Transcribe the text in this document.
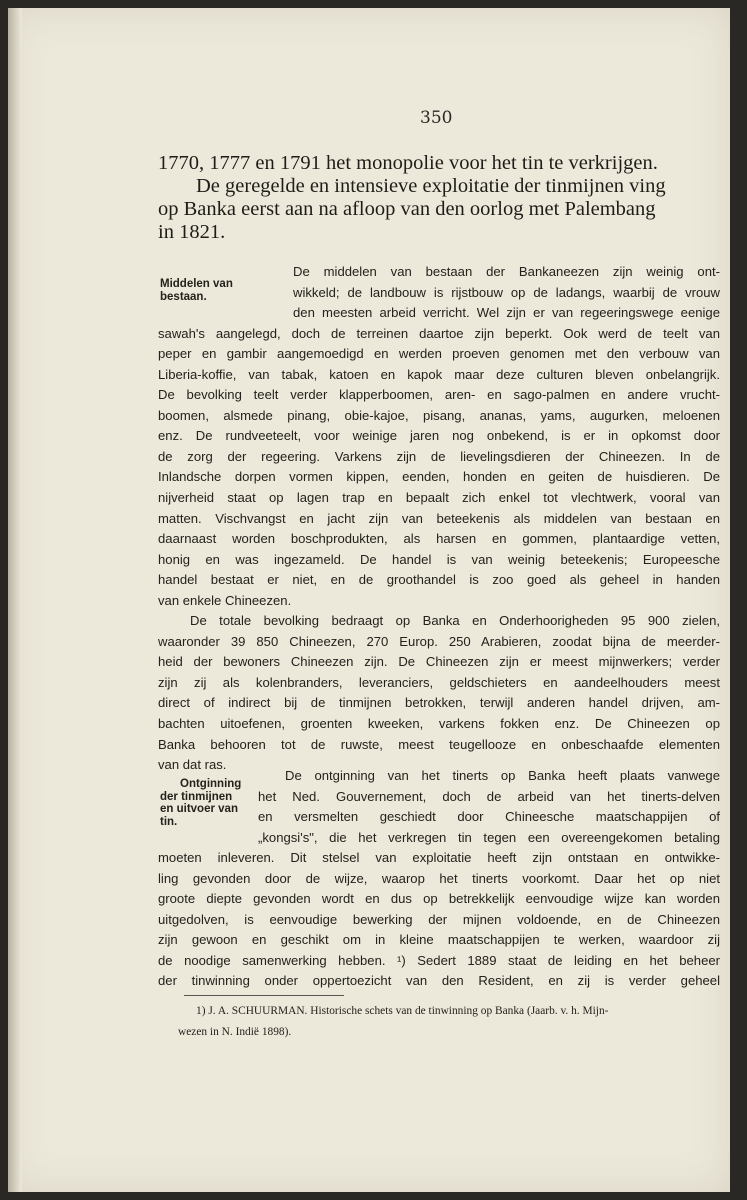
350
1770, 1777 en 1791 het monopolie voor het tin te verkrijgen.
De geregelde en intensieve exploitatie der tinmijnen ving
op Banka eerst aan na afloop van den oorlog met Palembang
in 1821.
Middelen van
bestaan.
De middelen van bestaan der Bankaneezen zijn weinig ont-
wikkeld; de landbouw is rijstbouw op de ladangs, waarbij de vrouw
den meesten arbeid verricht. Wel zijn er van regeeringswege eenige
sawah's aangelegd, doch de terreinen daartoe zijn beperkt. Ook werd de teelt van
peper en gambir aangemoedigd en werden proeven genomen met den verbouw van
Liberia-koffie, van tabak, katoen en kapok maar deze culturen bleven onbelangrijk.
De bevolking teelt verder klapperboomen, aren- en sago-palmen en andere vrucht-
boomen, alsmede pinang, obie-kajoe, pisang, ananas, yams, augurken, meloenen
enz. De rundveeteelt, voor weinige jaren nog onbekend, is er in opkomst door
de zorg der regeering. Varkens zijn de lievelingsdieren der Chineezen. In de
Inlandsche dorpen vormen kippen, eenden, honden en geiten de huisdieren. De
nijverheid staat op lagen trap en bepaalt zich enkel tot vlechtwerk, vooral van
matten. Vischvangst en jacht zijn van beteekenis als middelen van bestaan en
daarnaast worden boschprodukten, als harsen en gommen, plantaardige vetten,
honig en was ingezameld. De handel is van weinig beteekenis; Europeesche
handel bestaat er niet, en de groothandel is zoo goed als geheel in handen
van enkele Chineezen.
De totale bevolking bedraagt op Banka en Onderhoorigheden 95 900 zielen,
waaronder 39 850 Chineezen, 270 Europ. 250 Arabieren, zoodat bijna de meerder-
heid der bewoners Chineezen zijn. De Chineezen zijn er meest mijnwerkers; verder
zijn zij als kolenbranders, leveranciers, geldschieters en aandeelhouders meest
direct of indirect bij de tinmijnen betrokken, terwijl anderen handel drijven, am-
bachten uitoefenen, groenten kweeken, varkens fokken enz. De Chineezen op
Banka behooren tot de ruwste, meest teugellooze en onbeschaafde elementen
van dat ras.
Ontginning
der tinmijnen
en uitvoer van
tin.
De ontginning van het tinerts op Banka heeft plaats vanwege
het Ned. Gouvernement, doch de arbeid van het tinerts-delven
en versmelten geschiedt door Chineesche maatschappijen of
„kongsi's", die het verkregen tin tegen een overeengekomen betaling
moeten inleveren. Dit stelsel van exploitatie heeft zijn ontstaan en ontwikke-
ling gevonden door de wijze, waarop het tinerts voorkomt. Daar het op niet
groote diepte gevonden wordt en dus op betrekkelijk eenvoudige wijze kan worden
uitgedolven, is eenvoudige bewerking der mijnen voldoende, en de Chineezen
zijn gewoon en geschikt om in kleine maatschappijen te werken, waardoor zij
de noodige samenwerking hebben. ¹) Sedert 1889 staat de leiding en het beheer
der tinwinning onder oppertoezicht van den Resident, en zij is verder geheel
1) J. A. SCHUURMAN. Historische schets van de tinwinning op Banka (Jaarb. v. h. Mijn-
wezen in N. Indië 1898).
